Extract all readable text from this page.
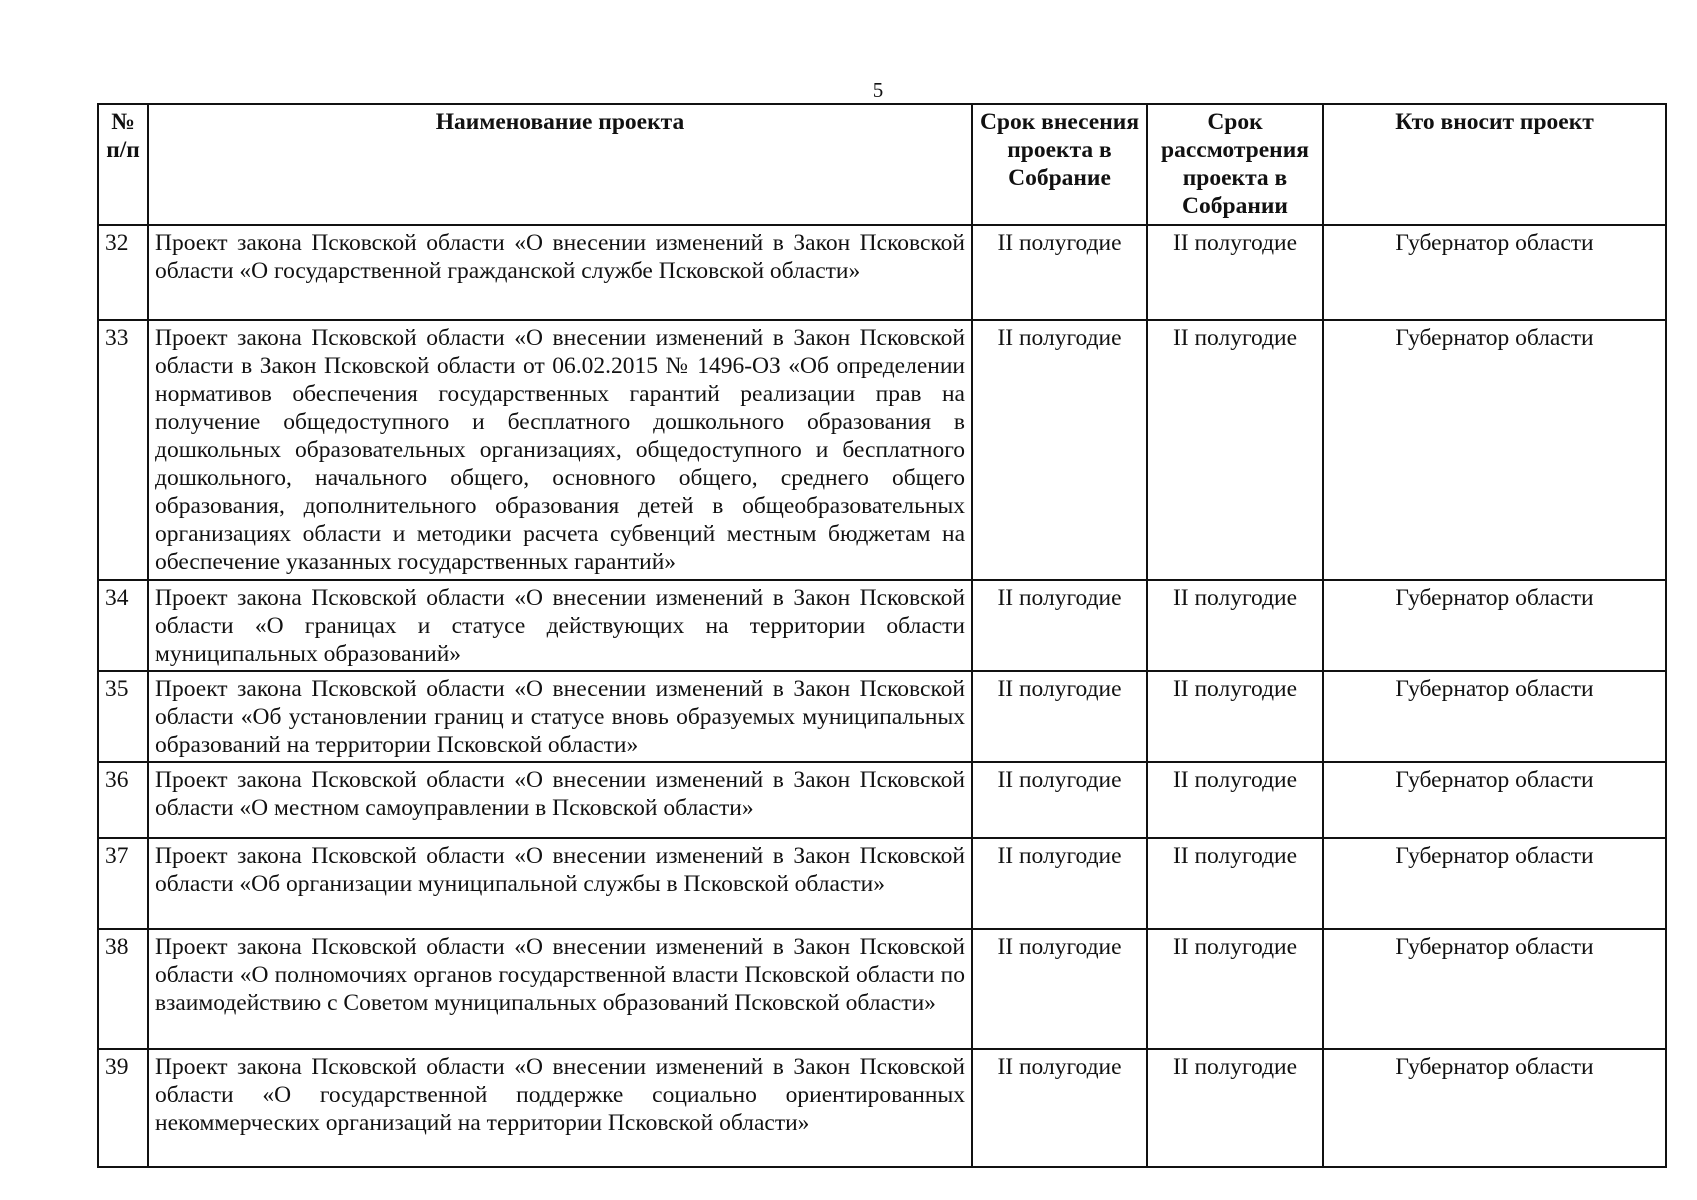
5
№ п/п	Наименование проекта	Срок внесения проекта в Собрание	Срок рассмотрения проекта в Собрании	Кто вносит проект
32	Проект закона Псковской области «О внесении изменений в Закон Псковской области «О государственной гражданской службе Псковской области»	II полугодие	II полугодие	Губернатор области
33	Проект закона Псковской области «О внесении изменений в Закон Псковской области в Закон Псковской области от 06.02.2015 № 1496-ОЗ «Об определении нормативов обеспечения государственных гарантий реализации прав на получение общедоступного и бесплатного дошкольного образования в дошкольных образовательных организациях, общедоступного и бесплатного дошкольного, начального общего, основного общего, среднего общего образования, дополнительного образования детей в общеобразовательных организациях области и методики расчета субвенций местным бюджетам на обеспечение указанных государственных гарантий»	II полугодие	II полугодие	Губернатор области
34	Проект закона Псковской области «О внесении изменений в Закон Псковской области «О границах и статусе действующих на территории области муниципальных образований»	II полугодие	II полугодие	Губернатор области
35	Проект закона Псковской области «О внесении изменений в Закон Псковской области «Об установлении границ и статусе вновь образуемых муниципальных образований на территории Псковской области»	II полугодие	II полугодие	Губернатор области
36	Проект закона Псковской области «О внесении изменений в Закон Псковской области «О местном самоуправлении в Псковской области»	II полугодие	II полугодие	Губернатор области
37	Проект закона Псковской области «О внесении изменений в Закон Псковской области «Об организации муниципальной службы в Псковской области»	II полугодие	II полугодие	Губернатор области
38	Проект закона Псковской области «О внесении изменений в Закон Псковской области «О полномочиях органов государственной власти Псковской области по взаимодействию с Советом муниципальных образований Псковской области»	II полугодие	II полугодие	Губернатор области
39	Проект закона Псковской области «О внесении изменений в Закон Псковской области «О государственной поддержке социально ориентированных некоммерческих организаций на территории Псковской области»	II полугодие	II полугодие	Губернатор области
